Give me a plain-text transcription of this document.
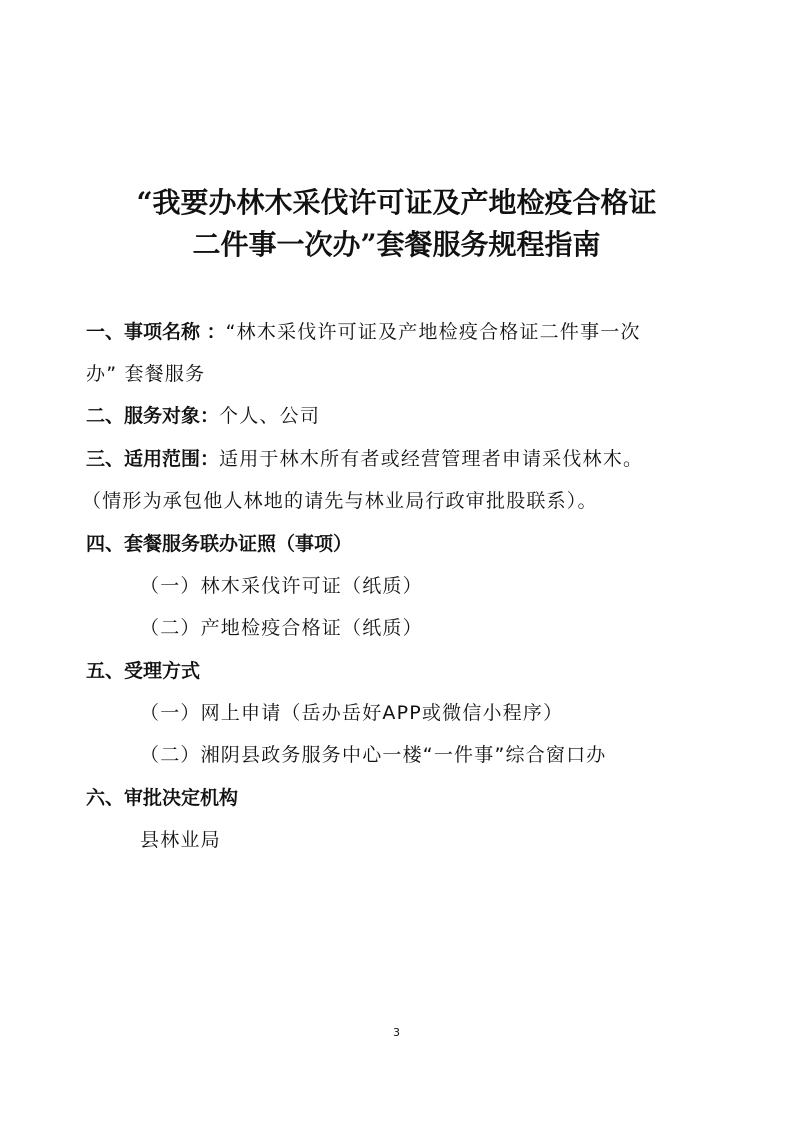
“我要办林木采伐许可证及产地检疫合格证
二件事一次办”套餐服务规程指南
一、事项名称 ：“林木采伐许可证及产地检疫合格证二件事一次
办” 套餐服务
二、服务对象：个人、公司
三、适用范围：适用于林木所有者或经营管理者申请采伐林木。
（情形为承包他人林地的请先与林业局行政审批股联系）。
四、套餐服务联办证照（事项）
（一）林木采伐许可证（纸质）
（二）产地检疫合格证（纸质）
五、受理方式
（一）网上申请（岳办岳好APP或微信小程序）
（二）湘阴县政务服务中心一楼“一件事”综合窗口办
六、审批决定机构
县林业局
3
